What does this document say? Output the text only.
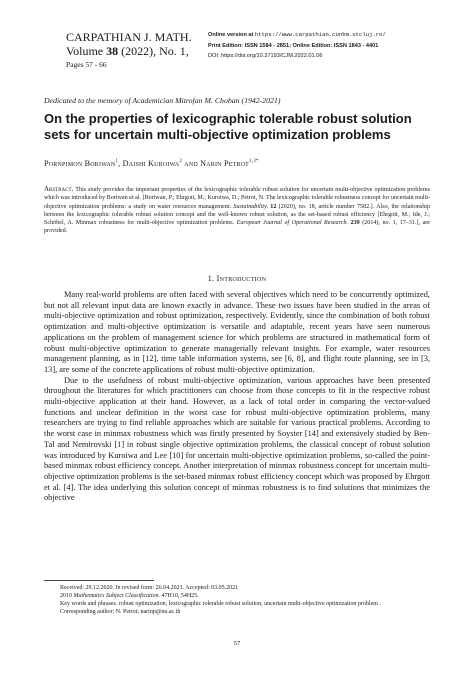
CARPATHIAN J. MATH.
Volume 38 (2022), No. 1,
Pages 57 - 66
Online version at https://www.carpathian.cunbm.utcluj.ro/
Print Edition: ISSN 1584 - 2851; Online Edition: ISSN 1843 - 4401
DOI: https://doi.org/10.37193/CJM.2022.01.06
Dedicated to the memory of Academician Mitrofan M. Choban (1942-2021)
On the properties of lexicographic tolerable robust solution sets for uncertain multi-objective optimization problems
Pornpimon Boriwan$^1$, Daishi Kuroiwa$^2$ and Narin Petrot$^{1,3*}$
Abstract. This study provides the important properties of the lexicographic tolerable robust solution for uncertain multi-objective optimization problems which was introduced by Boriwan et al. [Boriwan, P.; Ehrgott, M.; Kuroiwa, D.; Petrot, N. The lexicographic tolerable robustness concept for uncertain multi-objective optimization problems: a study on water resources management. Sustainability. 12 (2020), no. 18, article number 7582.]. Also, the relationship between the lexicographic tolerable robust solution concept and the well-known robust solution, as the set-based robust efficiency [Ehrgott, M.; Ide, J.; Schöbel, A. Minmax robustness for multi-objective optimization problems. European Journal of Operational Research. 239 (2014), no. 1, 17–31.], are provided.
1. Introduction

Many real-world problems are often faced with several objectives which need to be concurrently optimized, but not all relevant input data are known exactly in advance. These two issues have been studied in the areas of multi-objective optimization and robust optimization, respectively. Evidently, since the combination of both robust optimization and multi-objective optimization is versatile and adaptable, recent years have seen numerous applications on the problem of management science for which problems are structured in mathematical form of robust multi-objective optimization to generate managerially relevant insights. For example, water resources management planning, as in [12], time table information systems, see [6, 8], and flight route planning, see in [3, 13], are some of the concrete applications of robust multi-objective optimization.

Due to the usefulness of robust multi-objective optimization, various approaches have been presented throughout the literatures for which practitioners can choose from those concepts to fit in the respective robust multi-objective application at their hand. However, as a lack of total order in comparing the vector-valued functions and unclear definition in the worst case for robust multi-objective optimization problems, many researchers are trying to find reliable approaches which are suitable for various practical problems. According to the worst case in minmax robustness which was firstly presented by Soyster [14] and extensively studied by Ben-Tal and Nemirovski [1] in robust single objective optimization problems, the classical concept of robust solution was introduced by Kuroiwa and Lee [10] for uncertain multi-objective optimization problems, so-called the point-based minmax robust efficiency concept. Another interpretation of minmax robustness concept for uncertain multi-objective optimization problems is the set-based minmax robust efficiency concept which was proposed by Ehrgott et al. [4]. The idea underlying this solution concept of minmax robustness is to find solutions that minimizes the objective

Received: 29.12.2020. In revised form: 26.04.2021. Accepted: 03.05.2021
2010 Mathematics Subject Classification. 47H10, 54H25.
Key words and phrases. robust optimization, lexicographic tolerable robust solution, uncertain multi-objective optimization problem .
Corresponding author: N. Petrot; narinp@nu.ac.th
57
